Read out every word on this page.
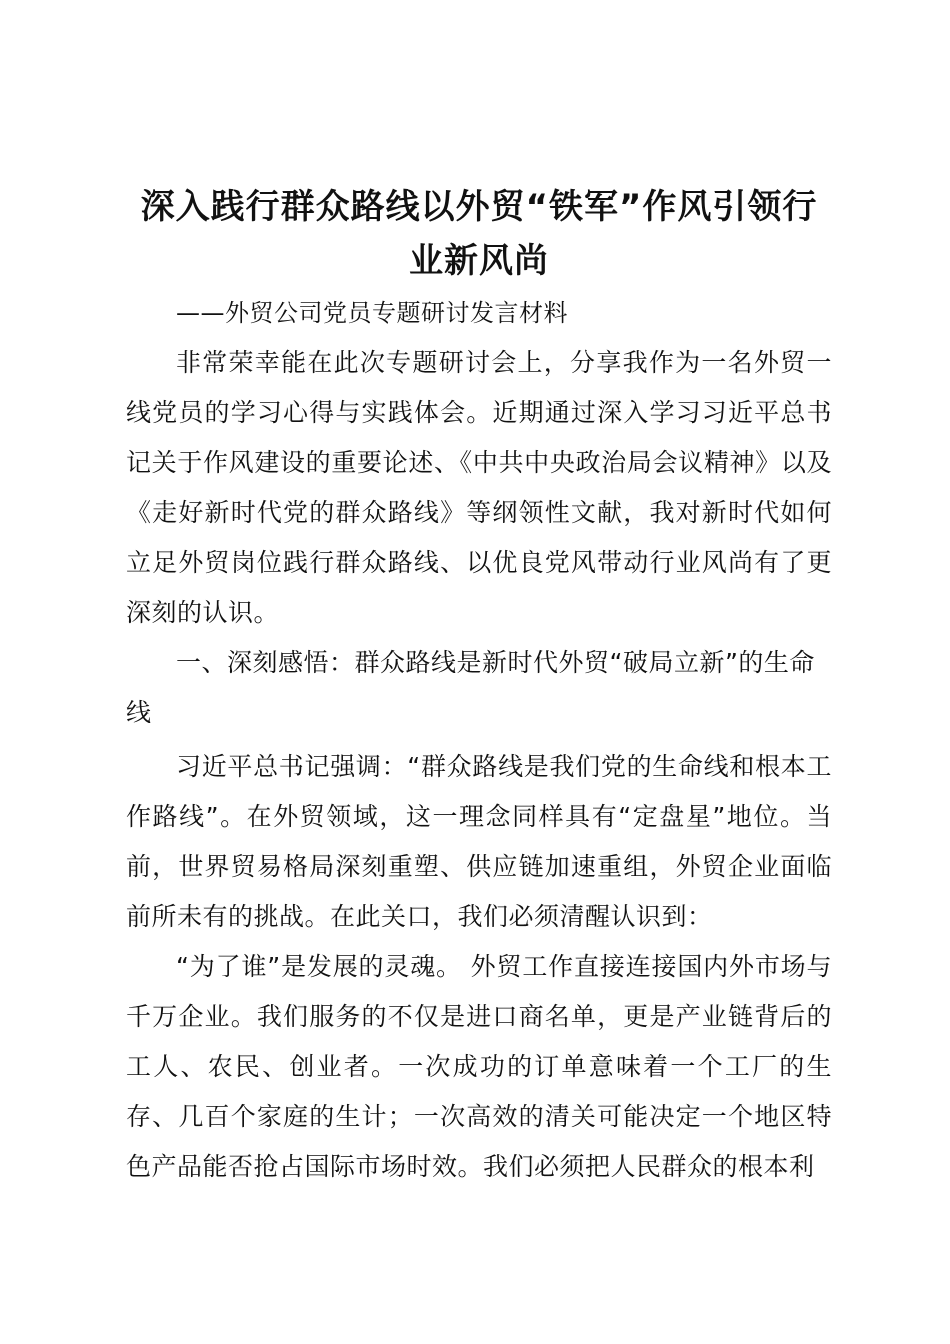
深入践行群众路线以外贸“铁军”作风引领行业新风尚

——外贸公司党员专题研讨发言材料

非常荣幸能在此次专题研讨会上，分享我作为一名外贸一线党员的学习心得与实践体会。近期通过深入学习习近平总书记关于作风建设的重要论述、《中共中央政治局会议精神》以及《走好新时代党的群众路线》等纲领性文献，我对新时代如何立足外贸岗位践行群众路线、以优良党风带动行业风尚有了更深刻的认识。

一、深刻感悟：群众路线是新时代外贸“破局立新”的生命线

习近平总书记强调：“群众路线是我们党的生命线和根本工作路线”。在外贸领域，这一理念同样具有“定盘星”地位。当前，世界贸易格局深刻重塑、供应链加速重组，外贸企业面临前所未有的挑战。在此关口，我们必须清醒认识到：

“为了谁”是发展的灵魂。 外贸工作直接连接国内外市场与千万企业。我们服务的不仅是进口商名单，更是产业链背后的工人、农民、创业者。一次成功的订单意味着一个工厂的生存、几百个家庭的生计；一次高效的清关可能决定一个地区特色产品能否抢占国际市场时效。我们必须把人民群众的根本利
